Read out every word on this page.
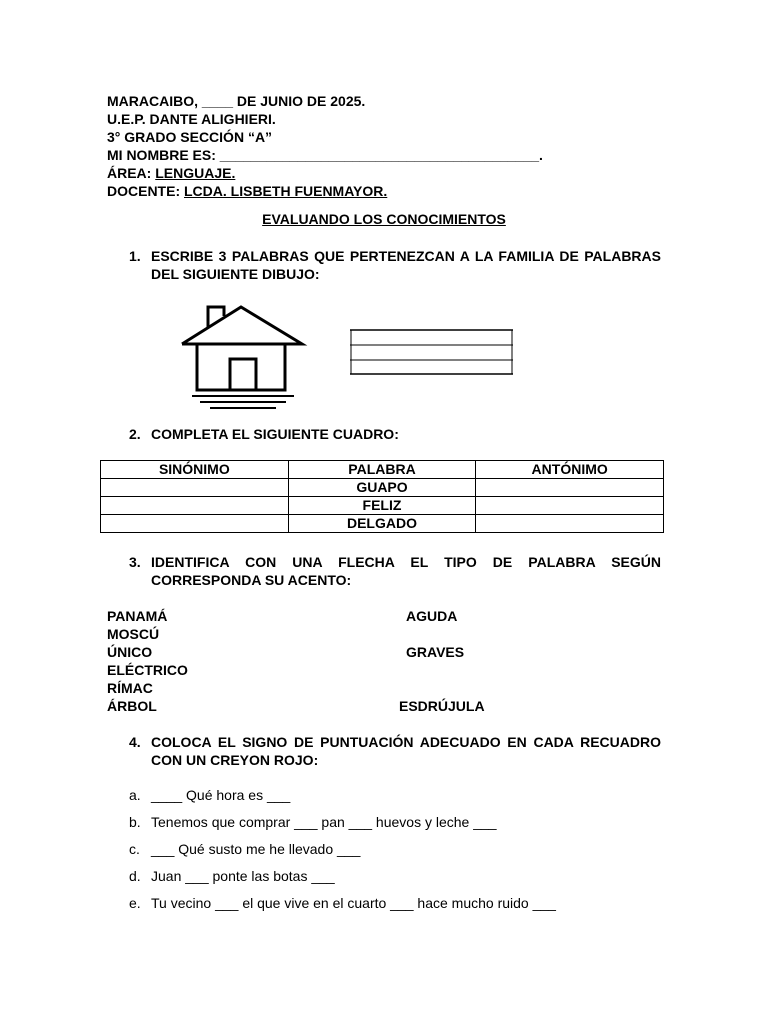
MARACAIBO, ____ DE JUNIO DE 2025.
U.E.P. DANTE ALIGHIERI.
3° GRADO SECCIÓN “A”
MI NOMBRE ES: _________________________________________.
ÁREA: LENGUAJE.
DOCENTE: LCDA. LISBETH FUENMAYOR.
EVALUANDO LOS CONOCIMIENTOS
1. ESCRIBE 3 PALABRAS QUE PERTENEZCAN A LA FAMILIA DE PALABRAS DEL SIGUIENTE DIBUJO:
2. COMPLETA EL SIGUIENTE CUADRO:
SINÓNIMO	PALABRA	ANTÓNIMO
	GUAPO	
	FELIZ	
	DELGADO	
3. IDENTIFICA CON UNA FLECHA EL TIPO DE PALABRA SEGÚN CORRESPONDA SU ACENTO:
PANAMÁ
MOSCÚ
ÚNICO
ELÉCTRICO
RÍMAC
ÁRBOL
AGUDA
GRAVES
ESDRÚJULA
4. COLOCA EL SIGNO DE PUNTUACIÓN ADECUADO EN CADA RECUADRO CON UN CREYON ROJO:
a. ____ Qué hora es ___
b. Tenemos que comprar ___ pan ___ huevos y leche ___
c. ___ Qué susto me he llevado ___
d. Juan ___ ponte las botas ___
e. Tu vecino ___ el que vive en el cuarto ___ hace mucho ruido ___
